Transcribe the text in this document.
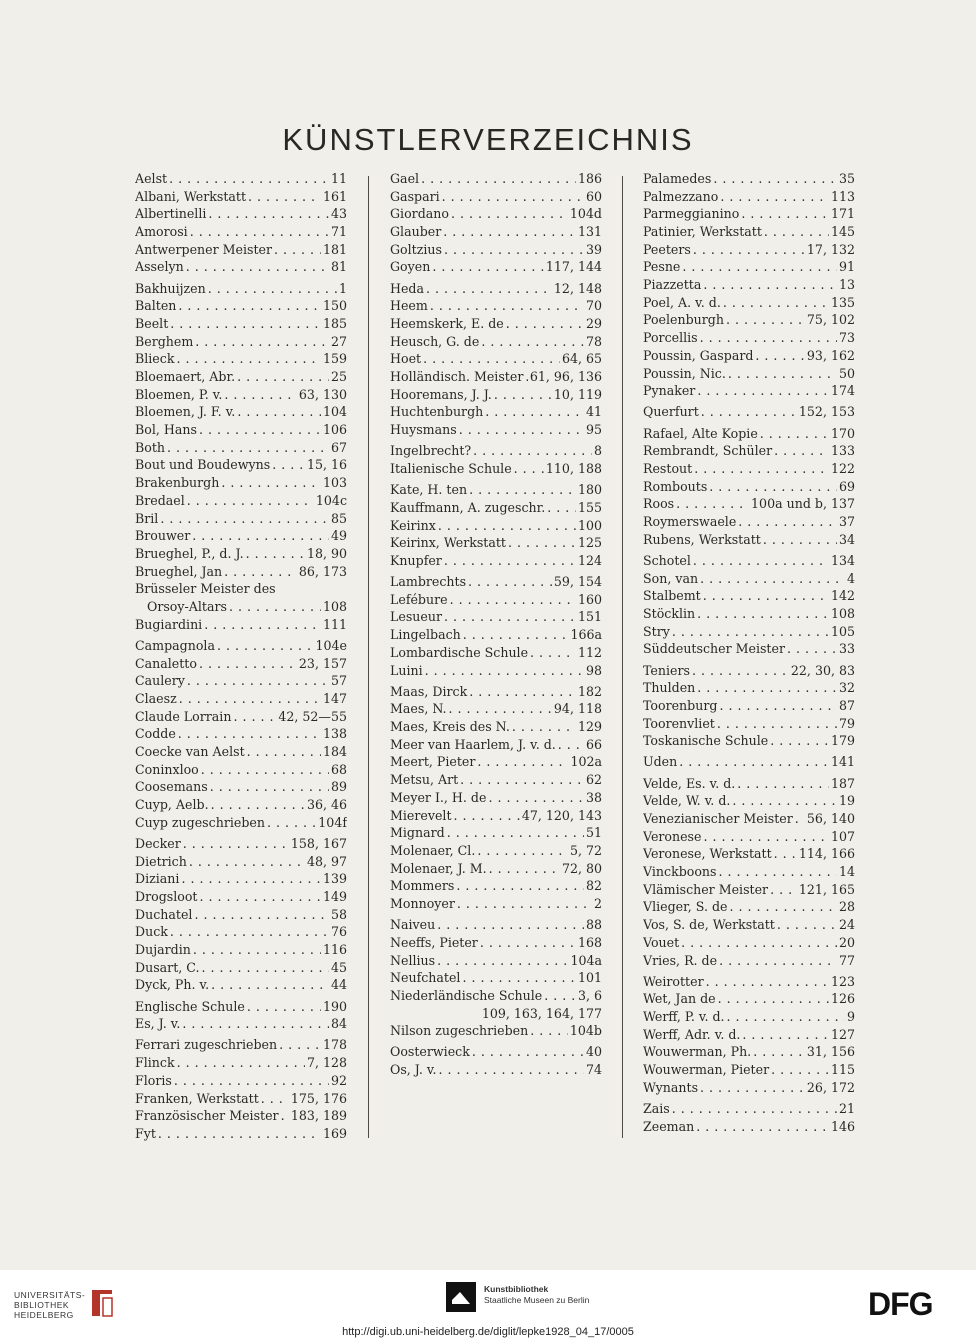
KÜNSTLERVERZEICHNIS
Aelst . . .	11
Albani, Werkstatt . . .	161
Albertinelli . . .	43
Amorosi . . .	71
Antwerpener Meister . . .	181
Asselyn . . .	81
Bakhuijzen . . .	1
Balten . . .	150
Beelt . . .	185
Berghem . . .	27
Blieck . . .	159
Bloemaert, Abr. . . .	25
Bloemen, P. v. . . .	63, 130
Bloemen, J. F. v. . . .	104
Bol, Hans . . .	106
Both . . .	67
Bout und Boudewyns . . .	15, 16
Brakenburgh . . .	103
Bredael . . .	104c
Bril . . .	85
Brouwer . . .	49
Brueghel, P., d. J. . . .	18, 90
Brueghel, Jan . . .	86, 173
Brüsseler Meister des
Orsoy-Altars . . .	108
Bugiardini . . .	111
Campagnola . . .	104e
Canaletto . . .	23, 157
Caulery . . .	57
Claesz . . .	147
Claude Lorrain . . .	42, 52—55
Codde . . .	138
Coecke van Aelst . . .	184
Coninxloo . . .	68
Coosemans . . .	89
Cuyp, Aelb. . . .	36, 46
Cuyp zugeschrieben . . .	104f
Decker . . .	158, 167
Dietrich . . .	48, 97
Diziani . . .	139
Drogsloot . . .	149
Duchatel . . .	58
Duck . . .	76
Dujardin . . .	116
Dusart, C. . . .	45
Dyck, Ph. v. . . .	44
Englische Schule . . .	190
Es, J. v. . . .	84
Ferrari zugeschrieben . . .	178
Flinck . . .	7, 128
Floris . . .	92
Franken, Werkstatt . . .	175, 176
Französischer Meister . . . 183, 189
Fyt . . .	169
Gael . . .	186
Gaspari . . .	60
Giordano . . .	104d
Glauber . . .	131
Goltzius . . .	39
Goyen . . .	117, 144
Heda . . .	12, 148
Heem . . .	70
Heemskerk, E. de . . .	29
Heusch, G. de . . .	78
Hoet . . .	64, 65
Holländisch. Meister . . . 61, 96, 136
Hooremans, J. J. . . .	10, 119
Huchtenburgh . . .	41
Huysmans . . .	95
Ingelbrecht? . . .	8
Italienische Schule . . .	110, 188
Kate, H. ten . . .	180
Kauffmann, A. zugeschr. . . .	155
Keirinx . . .	100
Keirinx, Werkstatt . . .	125
Knupfer . . .	124
Lambrechts . . .	59, 154
Lefébure . . .	160
Lesueur . . .	151
Lingelbach . . .	166a
Lombardische Schule . . .	112
Luini . . .	98
Maas, Dirck . . .	182
Maes, N. . . .	94, 118
Maes, Kreis des N. . . .	129
Meer van Haarlem, J. v. d. . . . 66
Meert, Pieter . . .	102a
Metsu, Art . . .	62
Meyer I., H. de . . .	38
Mierevelt . . .	47, 120, 143
Mignard . . .	51
Molenaer, Cl. . . .	5, 72
Molenaer, J. M. . . .	72, 80
Mommers . . .	82
Monnoyer . . .	2
Naiveu . . .	88
Neeffs, Pieter . . .	168
Nellius . . .	104a
Neufchatel . . .	101
Niederländische Schule . . .	3, 6
109, 163, 164, 177
Nilson zugeschrieben . . .	104b
Oosterwieck . . .	40
Os, J. v. . . .	74
Palamedes . . .	35
Palmezzano . . .	113
Parmeggianino . . .	171
Patinier, Werkstatt . . .	145
Peeters . . .	17, 132
Pesne . . .	91
Piazzetta . . .	13
Poel, A. v. d. . . .	135
Poelenburgh . . .	75, 102
Porcellis . . .	73
Poussin, Gaspard . . .	93, 162
Poussin, Nic. . . .	50
Pynaker . . .	174
Querfurt . . .	152, 153
Rafael, Alte Kopie . . .	170
Rembrandt, Schüler . . .	133
Restout . . .	122
Rombouts . . .	69
Roos . . .	100a und b, 137
Roymerswaele . . .	37
Rubens, Werkstatt . . .	34
Schotel . . .	134
Son, van . . .	4
Stalbemt . . .	142
Stöcklin . . .	108
Stry . . .	105
Süddeutscher Meister . . .	33
Teniers . . .	22, 30, 83
Thulden . . .	32
Toorenburg . . .	87
Toorenvliet . . .	79
Toskanische Schule . . .	179
Uden . . .	141
Velde, Es. v. d. . . .	187
Velde, W. v. d. . . .	19
Venezianischer Meister . . . 56, 140
Veronese . . .	107
Veronese, Werkstatt . . . 114, 166
Vinckboons . . .	14
Vlämischer Meister . . . 121, 165
Vlieger, S. de . . .	28
Vos, S. de, Werkstatt . . .	24
Vouet . . .	20
Vries, R. de . . .	77
Weirotter . . .	123
Wet, Jan de . . .	126
Werff, P. v. d. . . .	9
Werff, Adr. v. d. . . .	127
Wouwerman, Ph. . . .	31, 156
Wouwerman, Pieter . . .	115
Wynants . . .	26, 172
Zais . . .	21
Zeeman . . .	146
UNIVERSITÄTS-
BIBLIOTHEK
HEIDELBERG
Kunstbibliothek
Staatliche Museen zu Berlin	DFG
http://digi.ub.uni-heidelberg.de/diglit/lepke1928_04_17/0005
